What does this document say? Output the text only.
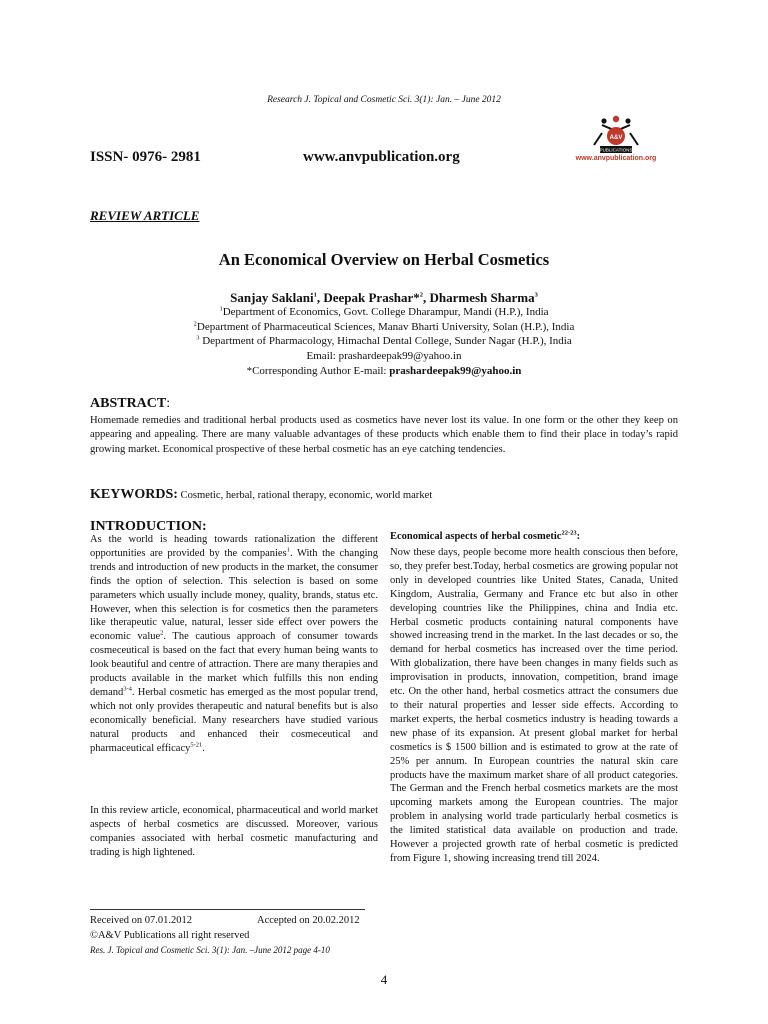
Research J. Topical and Cosmetic Sci. 3(1): Jan. – June 2012
ISSN- 0976- 2981	www.anvpublication.org
A&V
PUBLICATIONS
www.anvpublication.org
REVIEW ARTICLE
An Economical Overview on Herbal Cosmetics
Sanjay Saklani$^1$, Deepak Prashar*$^2$, Dharmesh Sharma$^3$
$^1$Department of Economics, Govt. College Dharampur, Mandi (H.P.), India
$^2$Department of Pharmaceutical Sciences, Manav Bharti University, Solan (H.P.), India
$^3$ Department of Pharmacology, Himachal Dental College, Sunder Nagar (H.P.), India
Email: prashardeepak99@yahoo.in
*Corresponding Author E-mail: prashardeepak99@yahoo.in
ABSTRACT:
Homemade remedies and traditional herbal products used as cosmetics have never lost its value. In one form or the other they keep on appearing and appealing. There are many valuable advantages of these products which enable them to find their place in today’s rapid growing market. Economical prospective of these herbal cosmetic has an eye catching tendencies.
KEYWORDS: Cosmetic, herbal, rational therapy, economic, world market
INTRODUCTION:
As the world is heading towards rationalization the different opportunities are provided by the companies$^1$. With the changing trends and introduction of new products in the market, the consumer finds the option of selection. This selection is based on some parameters which usually include money, quality, brands, status etc. However, when this selection is for cosmetics then the parameters like therapeutic value, natural, lesser side effect over powers the economic value$^2$. The cautious approach of consumer towards cosmeceutical is based on the fact that every human being wants to look beautiful and centre of attraction. There are many therapies and products available in the market which fulfills this non ending demand$^{3-4}$. Herbal cosmetic has emerged as the most popular trend, which not only provides therapeutic and natural benefits but is also economically beneficial. Many researchers have studied various natural products and enhanced their cosmeceutical and pharmaceutical efficacy$^{5-21}$.
In this review article, economical, pharmaceutical and world market aspects of herbal cosmetics are discussed. Moreover, various companies associated with herbal cosmetic manufacturing and trading is high lightened.
Economical aspects of herbal cosmetic$^{22-23}$:
Now these days, people become more health conscious then before, so, they prefer best.Today, herbal cosmetics are growing popular not only in developed countries like United States, Canada, United Kingdom, Australia, Germany and France etc but also in other developing countries like the Philippines, china and India etc. Herbal cosmetic products containing natural components have showed increasing trend in the market. In the last decades or so, the demand for herbal cosmetics has increased over the time period. With globalization, there have been changes in many fields such as improvisation in products, innovation, competition, brand image etc. On the other hand, herbal cosmetics attract the consumers due to their natural properties and lesser side effects. According to market experts, the herbal cosmetics industry is heading towards a new phase of its expansion. At present global market for herbal cosmetics is $ 1500 billion and is estimated to grow at the rate of 25% per annum. In European countries the natural skin care products have the maximum market share of all product categories. The German and the French herbal cosmetics markets are the most upcoming markets among the European countries. The major problem in analysing world trade particularly herbal cosmetics is the limited statistical data available on production and trade. However a projected growth rate of herbal cosmetic is predicted from Figure 1, showing increasing trend till 2024.
Received on 07.01.2012	Accepted on 20.02.2012
©A&V Publications all right reserved
Res. J. Topical and Cosmetic Sci. 3(1): Jan. –June 2012 page 4-10
4
